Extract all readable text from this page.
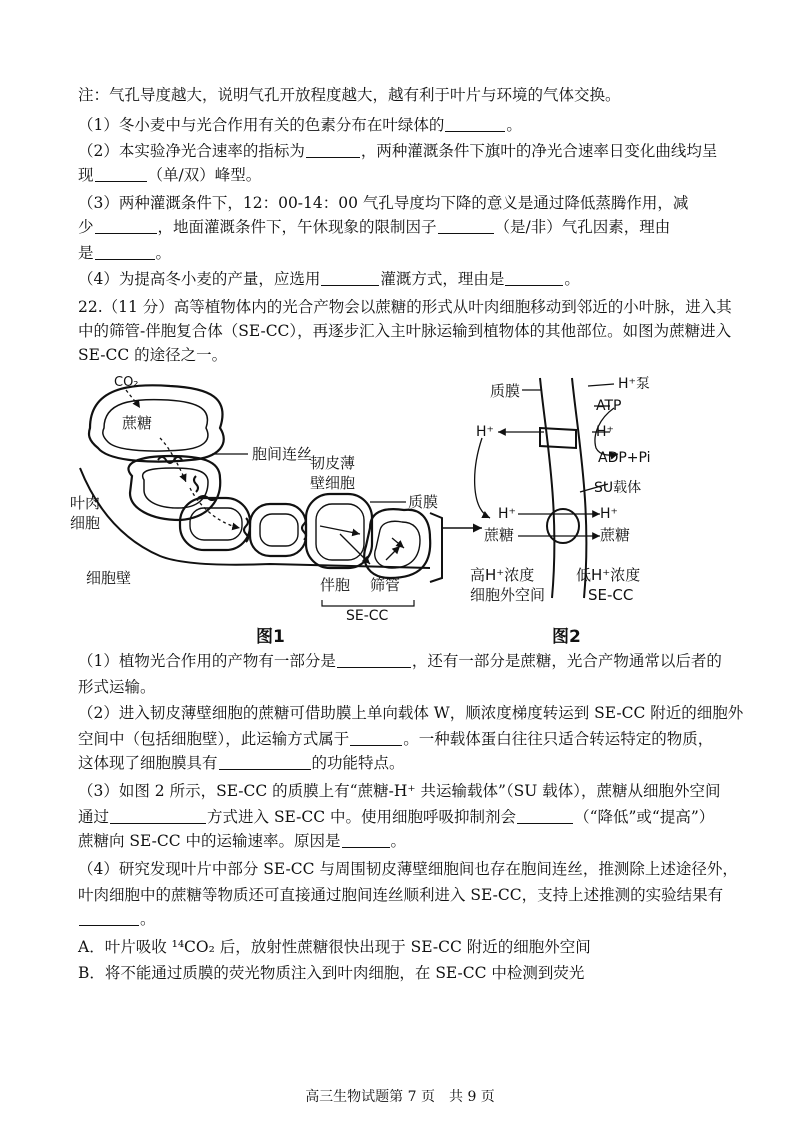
注：气孔导度越大，说明气孔开放程度越大，越有利于叶片与环境的气体交换。
（1）冬小麦中与光合作用有关的色素分布在叶绿体的	。
（2）本实验净光合速率的指标为	，两种灌溉条件下旗叶的净光合速率日变化曲线均呈
现	（单/双）峰型。
（3）两种灌溉条件下，12：00-14：00 气孔导度均下降的意义是通过降低蒸腾作用，减
少	，地面灌溉条件下，午休现象的限制因子	（是/非）气孔因素，理由
是	。
（4）为提高冬小麦的产量，应选用	灌溉方式，理由是	。
22.（11 分）高等植物体内的光合产物会以蔗糖的形式从叶肉细胞移动到邻近的小叶脉，进入其
中的筛管-伴胞复合体（SE-CC），再逐步汇入主叶脉运输到植物体的其他部位。如图为蔗糖进入
SE-CC 的途径之一。
CO₂
蔗糖
胞间连丝
叶肉
细胞
细胞壁
韧皮薄
壁细胞
质膜
伴胞 筛管
SE-CC
质膜	H⁺泵
ATP
H⁺	H⁺
ADP+Pi
SU载体
H⁺	H⁺
蔗糖	蔗糖
高H⁺浓度
细胞外空间
低H⁺浓度
SE-CC
图1	图2
（1）植物光合作用的产物有一部分是	，还有一部分是蔗糖，光合产物通常以后者的
形式运输。
（2）进入韧皮薄壁细胞的蔗糖可借助膜上单向载体 W，顺浓度梯度转运到 SE-CC 附近的细胞外
空间中（包括细胞壁），此运输方式属于	。一种载体蛋白往往只适合转运特定的物质，
这体现了细胞膜具有	的功能特点。
（3）如图 2 所示，SE-CC 的质膜上有“蔗糖-H⁺ 共运输载体”（SU 载体），蔗糖从细胞外空间
通过	方式进入 SE-CC 中。使用细胞呼吸抑制剂会	（“降低”或“提高”）
蔗糖向 SE-CC 中的运输速率。原因是	。
（4）研究发现叶片中部分 SE-CC 与周围韧皮薄壁细胞间也存在胞间连丝，推测除上述途径外，
叶肉细胞中的蔗糖等物质还可直接通过胞间连丝顺利进入 SE-CC，支持上述推测的实验结果有
。
A．叶片吸收 ¹⁴CO₂ 后，放射性蔗糖很快出现于 SE-CC 附近的细胞外空间
B．将不能通过质膜的荧光物质注入到叶肉细胞，在 SE-CC 中检测到荧光
高三生物试题第 7 页　共 9 页
